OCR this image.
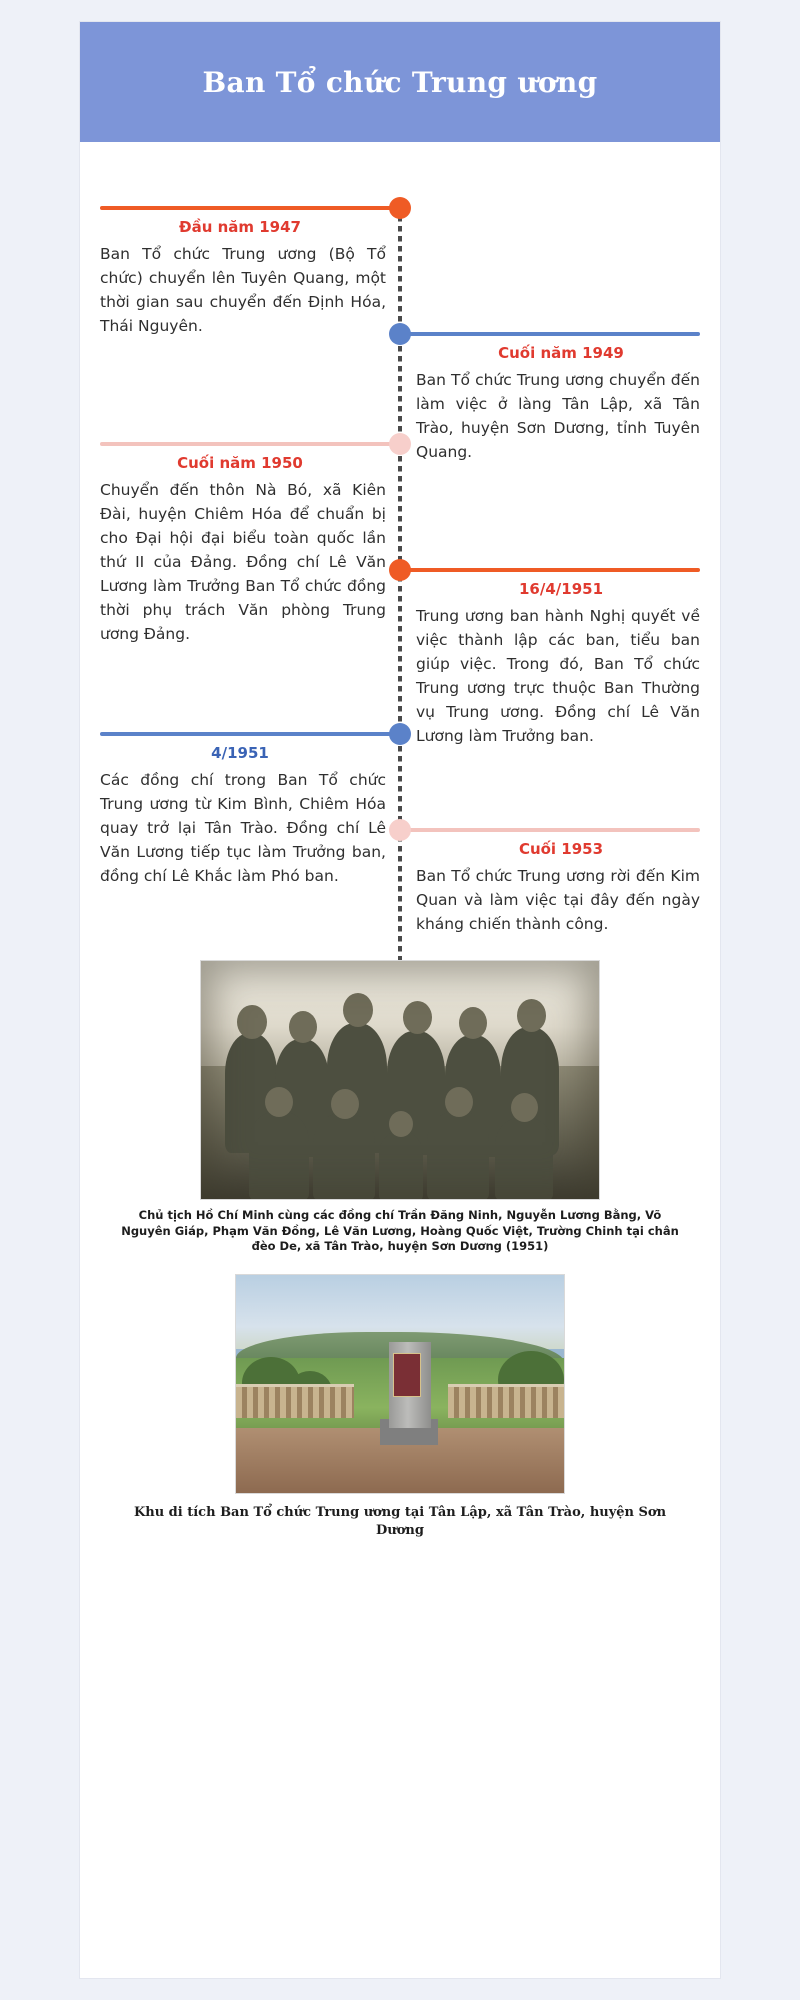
Ban Tổ chức Trung ương

Đầu năm 1947

Ban Tổ chức Trung ương (Bộ Tổ chức) chuyển lên Tuyên Quang, một thời gian sau chuyển đến Định Hóa, Thái Nguyên.

Cuối năm 1949

Ban Tổ chức Trung ương chuyển đến làm việc ở làng Tân Lập, xã Tân Trào, huyện Sơn Dương, tỉnh Tuyên Quang.

Cuối năm 1950

Chuyển đến thôn Nà Bó, xã Kiên Đài, huyện Chiêm Hóa để chuẩn bị cho Đại hội đại biểu toàn quốc lần thứ II của Đảng. Đồng chí Lê Văn Lương làm Trưởng Ban Tổ chức đồng thời phụ trách Văn phòng Trung ương Đảng.

16/4/1951

Trung ương ban hành Nghị quyết về việc thành lập các ban, tiểu ban giúp việc. Trong đó, Ban Tổ chức Trung ương trực thuộc Ban Thường vụ Trung ương. Đồng chí Lê Văn Lương làm Trưởng ban.

4/1951

Các đồng chí trong Ban Tổ chức Trung ương từ Kim Bình, Chiêm Hóa quay trở lại Tân Trào. Đồng chí Lê Văn Lương tiếp tục làm Trưởng ban, đồng chí Lê Khắc làm Phó ban.

Cuối 1953

Ban Tổ chức Trung ương rời đến Kim Quan và làm việc tại đây đến ngày kháng chiến thành công.

Chủ tịch Hồ Chí Minh cùng các đồng chí Trần Đăng Ninh, Nguyễn Lương Bằng, Võ Nguyên Giáp, Phạm Văn Đồng, Lê Văn Lương, Hoàng Quốc Việt, Trường Chinh tại chân đèo De, xã Tân Trào, huyện Sơn Dương (1951)
Khu di tích Ban Tổ chức Trung ương tại Tân Lập, xã Tân Trào, huyện Sơn Dương
